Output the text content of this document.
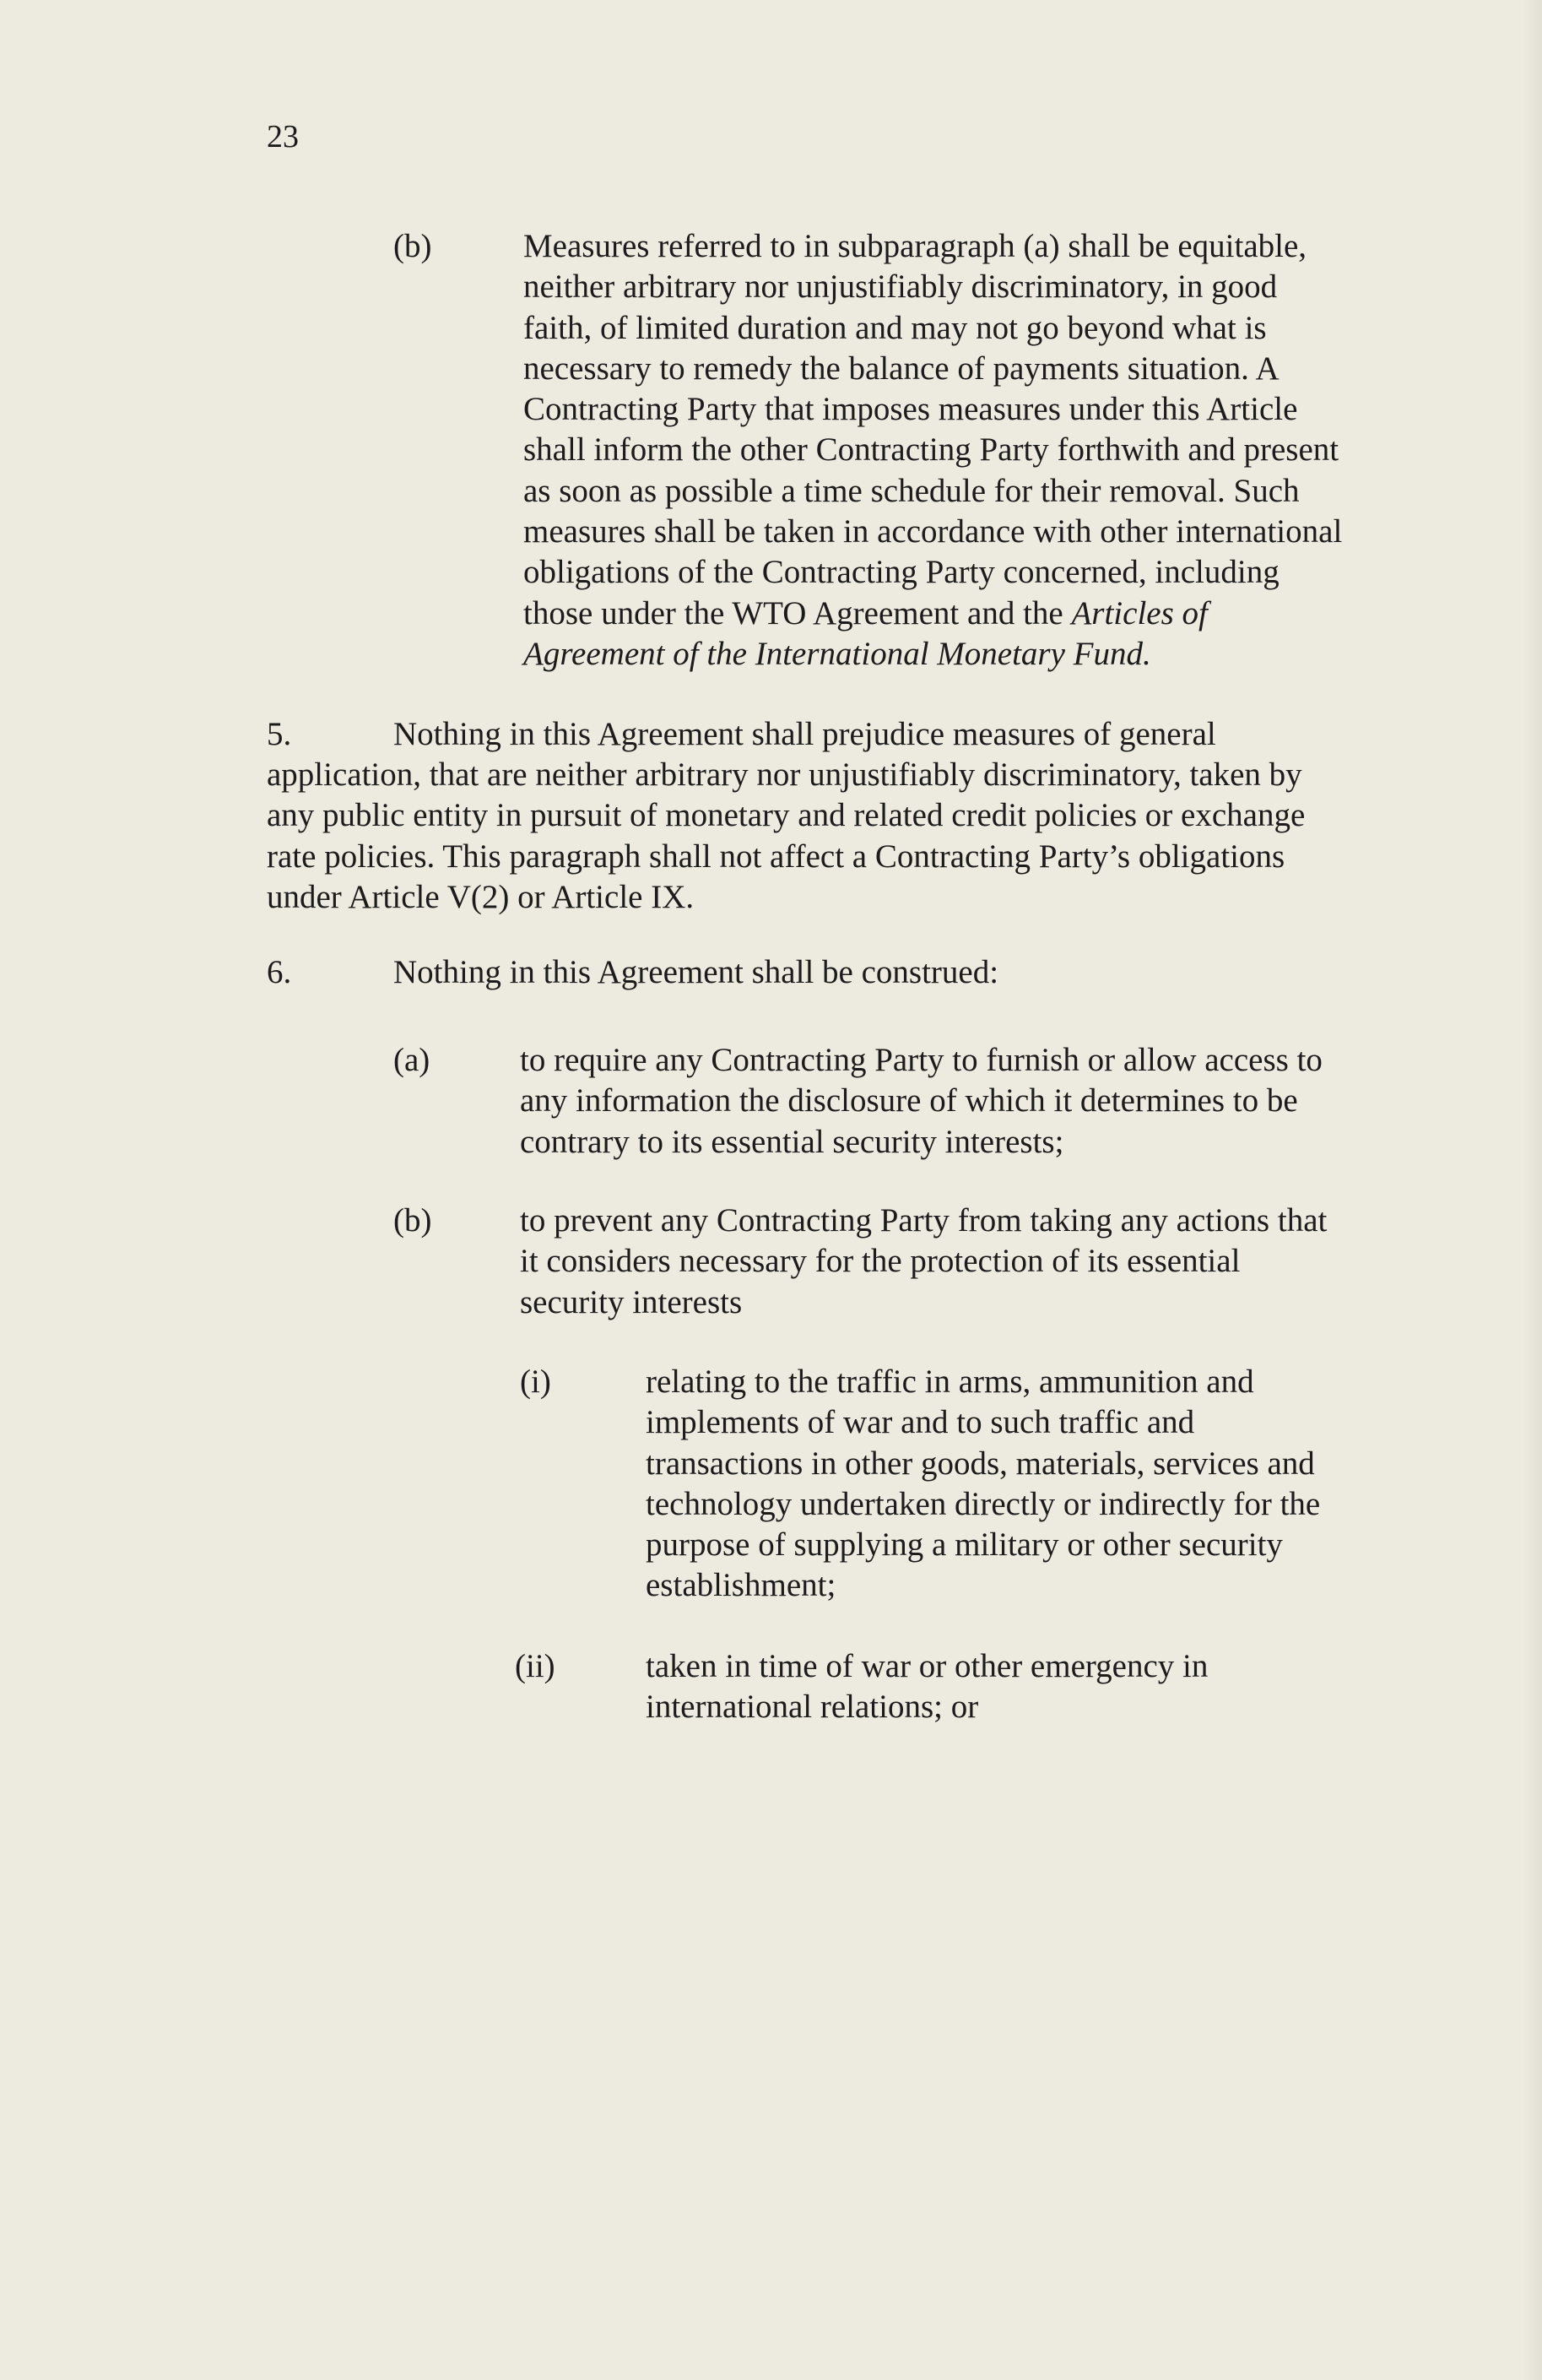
23
(b)	Measures referred to in subparagraph (a) shall be equitable,
neither arbitrary nor unjustifiably discriminatory, in good
faith, of limited duration and may not go beyond what is
necessary to remedy the balance of payments situation. A
Contracting Party that imposes measures under this Article
shall inform the other Contracting Party forthwith and present
as soon as possible a time schedule for their removal. Such
measures shall be taken in accordance with other international
obligations of the Contracting Party concerned, including
those under the WTO Agreement and the Articles of
Agreement of the International Monetary Fund.
5.	Nothing in this Agreement shall prejudice measures of general
application, that are neither arbitrary nor unjustifiably discriminatory, taken by
any public entity in pursuit of monetary and related credit policies or exchange
rate policies. This paragraph shall not affect a Contracting Party’s obligations
under Article V(2) or Article IX.
6.	Nothing in this Agreement shall be construed:
(a)	to require any Contracting Party to furnish or allow access to
any information the disclosure of which it determines to be
contrary to its essential security interests;
(b)	to prevent any Contracting Party from taking any actions that
it considers necessary for the protection of its essential
security interests
(i)	relating to the traffic in arms, ammunition and
implements of war and to such traffic and
transactions in other goods, materials, services and
technology undertaken directly or indirectly for the
purpose of supplying a military or other security
establishment;
(ii)	taken in time of war or other emergency in
international relations; or
